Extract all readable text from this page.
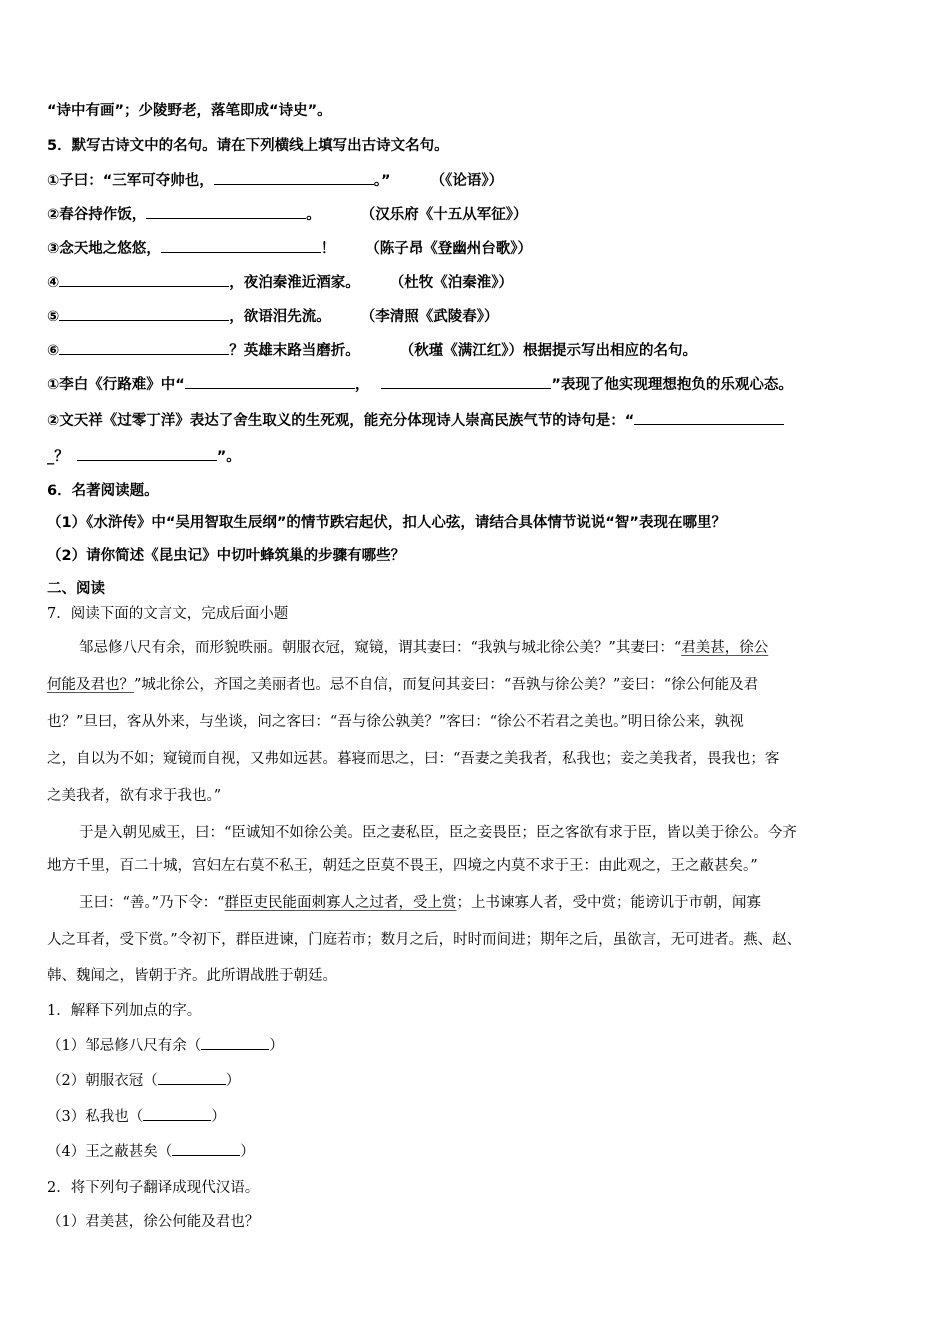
“诗中有画”；少陵野老，落笔即成“诗史”。
5．默写古诗文中的名句。请在下列横线上填写出古诗文名句。
①子曰：“三军可夺帅也，	。”	（《论语》）
②春谷持作饭，	。	（汉乐府《十五从军征》）
③念天地之悠悠，	！ （陈子昂《登幽州台歌》）
④	，夜泊秦淮近酒家。 （杜牧《泊秦淮》）
⑤	，欲语泪先流。 （李清照《武陵春》）
⑥	？英雄末路当磨折。	（秋瑾《满江红》）根据提示写出相应的名句。
①李白《行路难》中“	，	”表现了他实现理想抱负的乐观心态。
②文天祥《过零丁洋》表达了舍生取义的生死观，能充分体现诗人崇高民族气节的诗句是：“
_？	”。
6．名著阅读题。
（1）《水浒传》中“吴用智取生辰纲”的情节跌宕起伏，扣人心弦，请结合具体情节说说“智”表现在哪里？
（2）请你简述《昆虫记》中切叶蜂筑巢的步骤有哪些？
二、阅读
7．阅读下面的文言文，完成后面小题
邹忌修八尺有余，而形貌昳丽。朝服衣冠，窥镜，谓其妻曰：“我孰与城北徐公美？”其妻曰：“君美甚，徐公
何能及君也？”城北徐公，齐国之美丽者也。忌不自信，而复问其妾曰：“吾孰与徐公美？”妾曰：“徐公何能及君
也？”旦曰，客从外来，与坐谈，问之客曰：“吾与徐公孰美？”客曰：“徐公不若君之美也。”明日徐公来，孰视
之，自以为不如；窥镜而自视，又弗如远甚。暮寝而思之，曰：“吾妻之美我者，私我也；妾之美我者，畏我也；客
之美我者，欲有求于我也。”
于是入朝见威王，曰：“臣诚知不如徐公美。臣之妻私臣，臣之妾畏臣；臣之客欲有求于臣，皆以美于徐公。今齐
地方千里，百二十城，宫妇左右莫不私王，朝廷之臣莫不畏王，四境之内莫不求于王：由此观之，王之蔽甚矣。”
王曰：“善。”乃下令：“群臣吏民能面刺寡人之过者，受上赏；上书谏寡人者，受中赏；能谤讥于市朝，闻寡
人之耳者，受下赏。”令初下，群臣进谏，门庭若市；数月之后，时时而间进；期年之后，虽欲言，无可进者。燕、赵、
韩、魏闻之，皆朝于齐。此所谓战胜于朝廷。
1．解释下列加点的字。
（1）邹忌修八尺有余（	）
（2）朝服衣冠（	）
（3）私我也（	）
（4）王之蔽甚矣（	）
2．将下列句子翻译成现代汉语。
（1）君美甚，徐公何能及君也？
